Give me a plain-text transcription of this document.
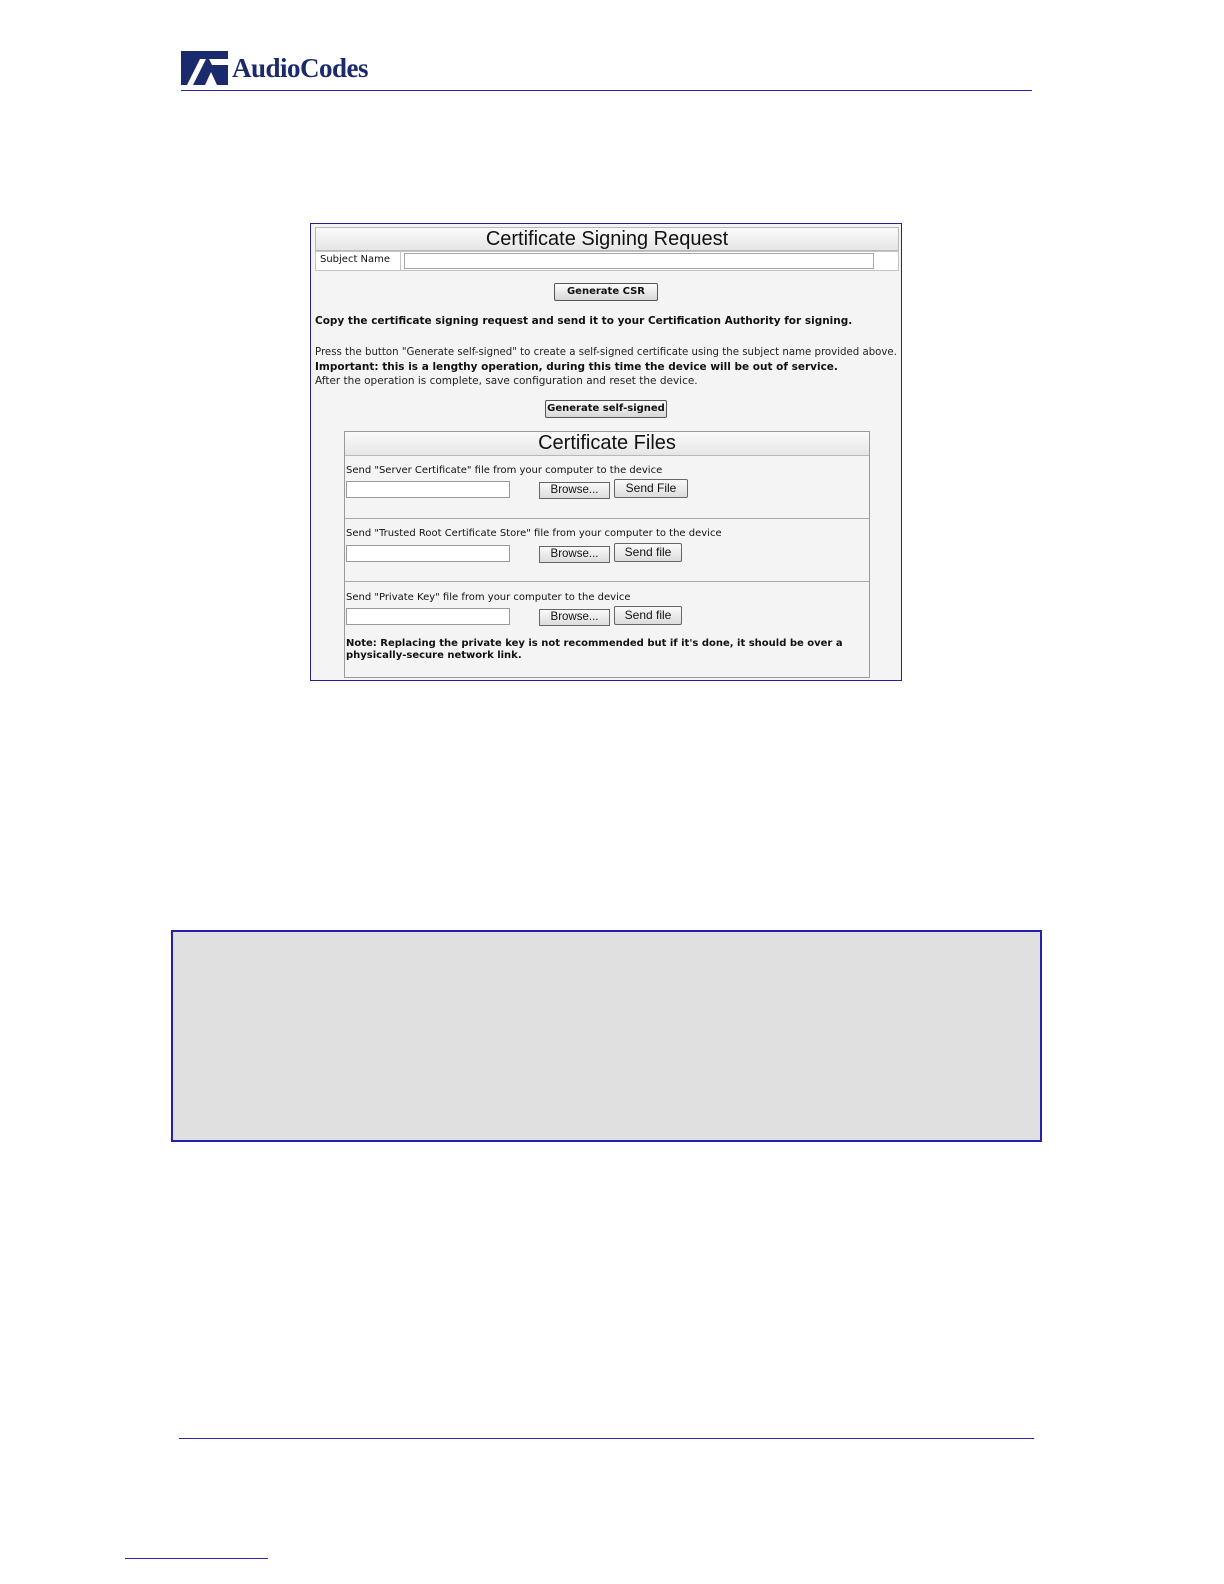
AudioCodes
Certificate Signing Request
Subject Name
Generate CSR
Copy the certificate signing request and send it to your Certification Authority for signing.
Press the button "Generate self-signed" to create a self-signed certificate using the subject name provided above.
Important: this is a lengthy operation, during this time the device will be out of service.
After the operation is complete, save configuration and reset the device.
Generate self-signed
Certificate Files
Send "Server Certificate" file from your computer to the device
Browse...	Send File
Send "Trusted Root Certificate Store" file from your computer to the device
Browse...	Send file
Send "Private Key" file from your computer to the device
Browse...	Send file
Note: Replacing the private key is not recommended but if it's done, it should be over a physically-secure network link.
